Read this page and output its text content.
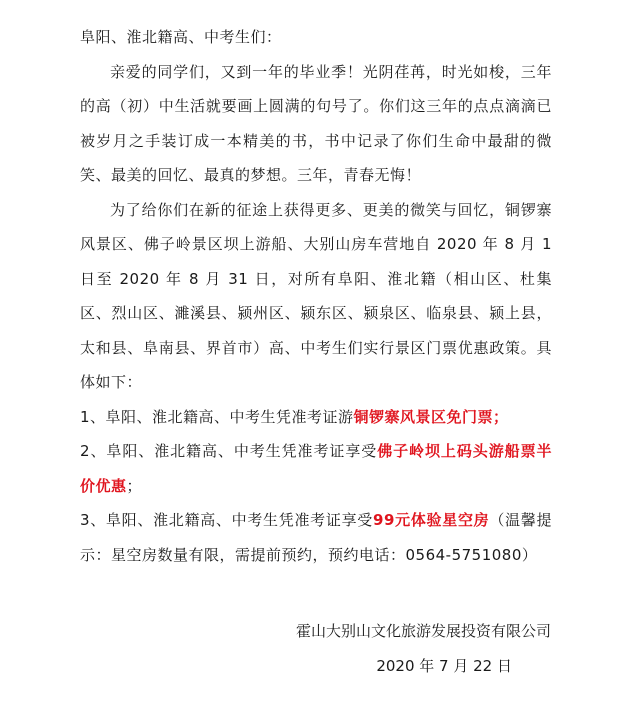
阜阳、淮北籍高、中考生们：

亲爱的同学们，又到一年的毕业季！光阴荏苒，时光如梭，三年的高（初）中生活就要画上圆满的句号了。你们这三年的点点滴滴已被岁月之手装订成一本精美的书，书中记录了你们生命中最甜的微笑、最美的回忆、最真的梦想。三年，青春无悔！

为了给你们在新的征途上获得更多、更美的微笑与回忆，铜锣寨风景区、佛子岭景区坝上游船、大别山房车营地自 2020 年 8 月 1 日至 2020 年 8 月 31 日，对所有阜阳、淮北籍（相山区、杜集区、烈山区、濉溪县、颍州区、颍东区、颍泉区、临泉县、颍上县，太和县、阜南县、界首市）高、中考生们实行景区门票优惠政策。具体如下：

1、阜阳、淮北籍高、中考生凭准考证游铜锣寨风景区免门票；

2、阜阳、淮北籍高、中考生凭准考证享受佛子岭坝上码头游船票半价优惠；

3、阜阳、淮北籍高、中考生凭准考证享受99元体验星空房（温馨提示：星空房数量有限，需提前预约，预约电话：0564-5751080）

霍山大别山文化旅游发展投资有限公司
2020 年 7 月 22 日
